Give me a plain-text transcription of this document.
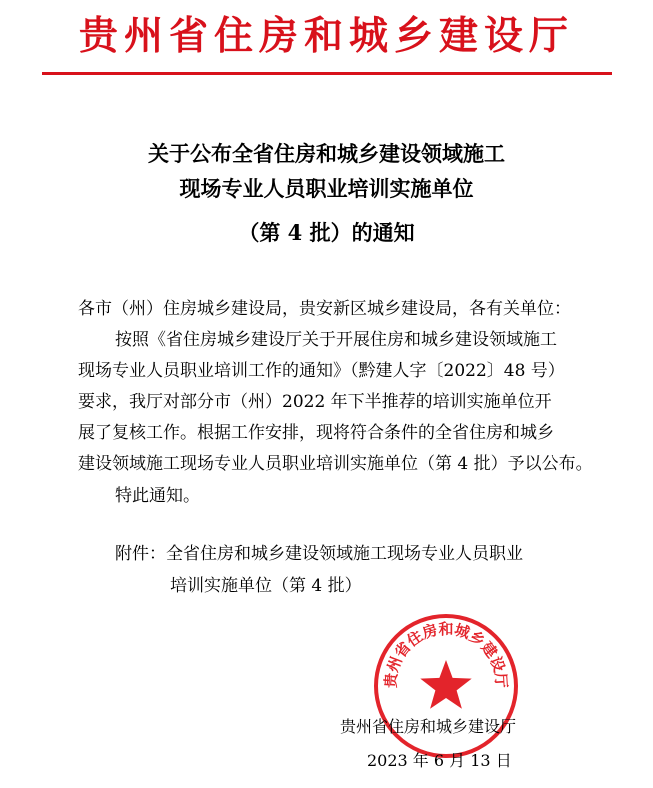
贵州省住房和城乡建设厅
关于公布全省住房和城乡建设领域施工
现场专业人员职业培训实施单位
（第 4 批）的通知
各市（州）住房城乡建设局，贵安新区城乡建设局，各有关单位：
按照《省住房城乡建设厅关于开展住房和城乡建设领域施工
现场专业人员职业培训工作的通知》（黔建人字〔2022〕48 号）
要求，我厅对部分市（州）2022 年下半推荐的培训实施单位开
展了复核工作。根据工作安排，现将符合条件的全省住房和城乡
建设领域施工现场专业人员职业培训实施单位（第 4 批）予以公布。
特此通知。
附件：全省住房和城乡建设领域施工现场专业人员职业
培训实施单位（第 4 批）
贵州省住房和城乡建设厅
贵州省住房和城乡建设厅
2023 年 6 月 13 日
